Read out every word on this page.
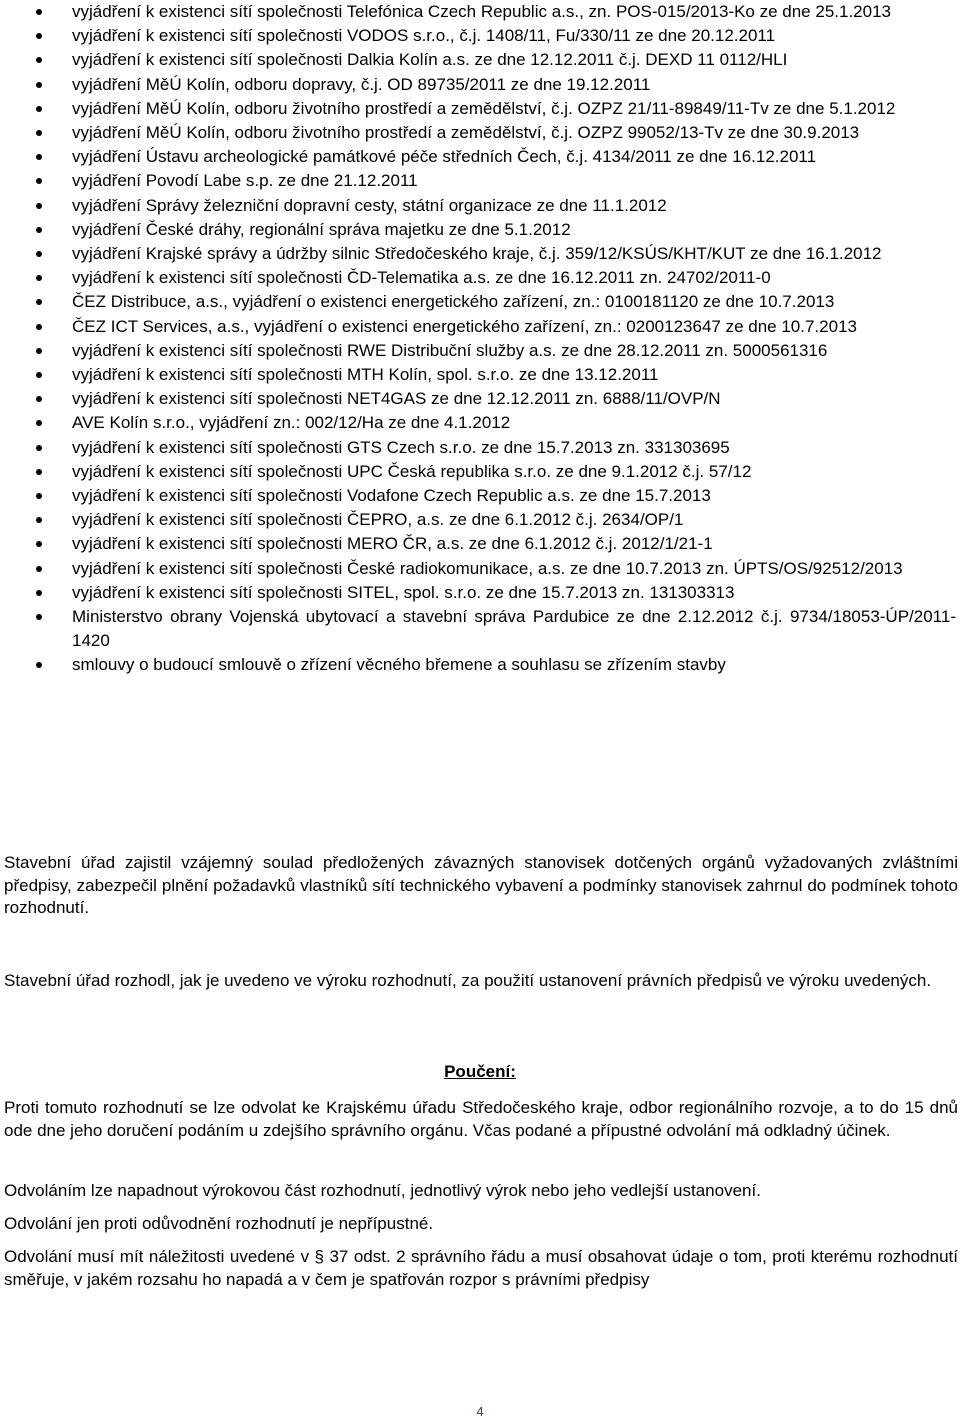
vyjádření k existenci sítí společnosti Telefónica Czech Republic a.s., zn. POS-015/2013-Ko ze dne 25.1.2013
vyjádření k existenci sítí společnosti VODOS s.r.o., č.j. 1408/11, Fu/330/11 ze dne 20.12.2011
vyjádření k existenci sítí společnosti Dalkia Kolín a.s. ze dne 12.12.2011 č.j. DEXD 11 0112/HLI
vyjádření MěÚ Kolín, odboru dopravy, č.j. OD 89735/2011 ze dne 19.12.2011
vyjádření MěÚ Kolín, odboru životního prostředí a zemědělství, č.j. OZPZ 21/11-89849/11-Tv ze dne 5.1.2012
vyjádření MěÚ Kolín, odboru životního prostředí a zemědělství, č.j. OZPZ 99052/13-Tv ze dne 30.9.2013
vyjádření Ústavu archeologické památkové péče středních Čech, č.j. 4134/2011 ze dne 16.12.2011
vyjádření Povodí Labe s.p. ze dne 21.12.2011
vyjádření Správy železniční dopravní cesty, státní organizace ze dne 11.1.2012
vyjádření České dráhy, regionální správa majetku ze dne 5.1.2012
vyjádření Krajské správy a údržby silnic Středočeského kraje, č.j. 359/12/KSÚS/KHT/KUT ze dne 16.1.2012
vyjádření k existenci sítí společnosti ČD-Telematika a.s. ze dne 16.12.2011 zn. 24702/2011-0
ČEZ Distribuce, a.s., vyjádření o existenci energetického zařízení, zn.: 0100181120 ze dne 10.7.2013
ČEZ ICT Services, a.s., vyjádření o existenci energetického zařízení, zn.: 0200123647 ze dne 10.7.2013
vyjádření k existenci sítí společnosti RWE Distribuční služby a.s. ze dne 28.12.2011 zn. 5000561316
vyjádření k existenci sítí společnosti MTH Kolín, spol. s.r.o. ze dne 13.12.2011
vyjádření k existenci sítí společnosti NET4GAS ze dne 12.12.2011 zn. 6888/11/OVP/N
AVE Kolín s.r.o., vyjádření zn.: 002/12/Ha ze dne 4.1.2012
vyjádření k existenci sítí společnosti GTS Czech s.r.o. ze dne 15.7.2013 zn. 331303695
vyjádření k existenci sítí společnosti UPC Česká republika s.r.o. ze dne 9.1.2012 č.j. 57/12
vyjádření k existenci sítí společnosti Vodafone Czech Republic a.s. ze dne 15.7.2013
vyjádření k existenci sítí společnosti ČEPRO, a.s. ze dne 6.1.2012 č.j. 2634/OP/1
vyjádření k existenci sítí společnosti MERO ČR, a.s. ze dne 6.1.2012 č.j. 2012/1/21-1
vyjádření k existenci sítí společnosti České radiokomunikace, a.s. ze dne 10.7.2013 zn. ÚPTS/OS/92512/2013
vyjádření k existenci sítí společnosti SITEL, spol. s.r.o. ze dne 15.7.2013 zn. 131303313
Ministerstvo obrany Vojenská ubytovací a stavební správa Pardubice ze dne 2.12.2012 č.j. 9734/18053-ÚP/2011-1420
smlouvy o budoucí smlouvě o zřízení věcného břemene a souhlasu se zřízením stavby

Stavební úřad zajistil vzájemný soulad předložených závazných stanovisek dotčených orgánů vyžadovaných zvláštními předpisy, zabezpečil plnění požadavků vlastníků sítí technického vybavení a podmínky stanovisek zahrnul do podmínek tohoto rozhodnutí.

Stavební úřad rozhodl, jak je uvedeno ve výroku rozhodnutí, za použití ustanovení právních předpisů ve výroku uvedených.

Poučení:

Proti tomuto rozhodnutí se lze odvolat ke Krajskému úřadu Středočeského kraje, odbor regionálního rozvoje, a to do 15 dnů ode dne jeho doručení podáním u zdejšího správního orgánu. Včas podané a přípustné odvolání má odkladný účinek.

Odvoláním lze napadnout výrokovou část rozhodnutí, jednotlivý výrok nebo jeho vedlejší ustanovení.

Odvolání jen proti odůvodnění rozhodnutí je nepřípustné.

Odvolání musí mít náležitosti uvedené v § 37 odst. 2 správního řádu a musí obsahovat údaje o tom, proti kterému rozhodnutí směřuje, v jakém rozsahu ho napadá a v čem je spatřován rozpor s právními předpisy

4
